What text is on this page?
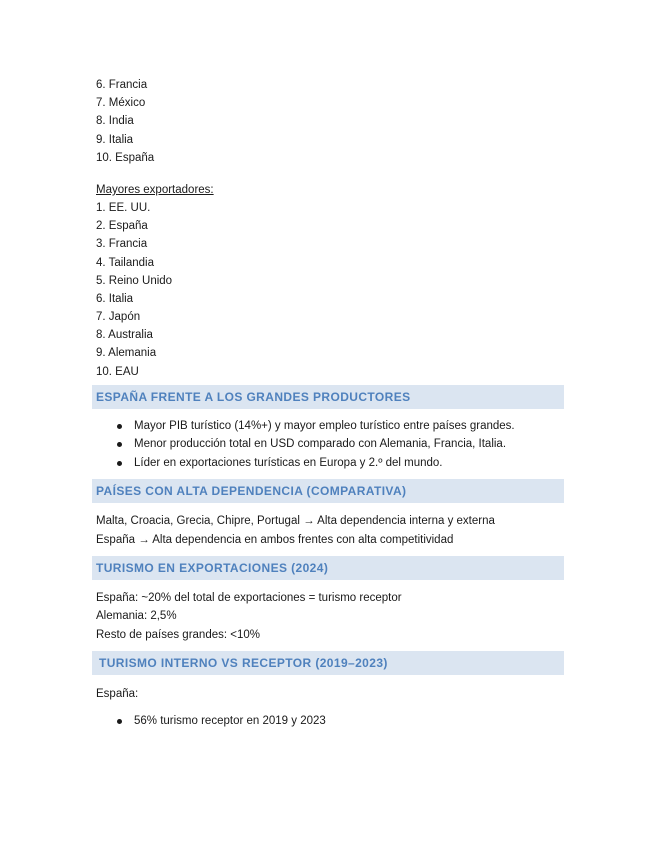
6. Francia
7. México
8. India
9. Italia
10. España
Mayores exportadores:
1. EE. UU.
2. España
3. Francia
4. Tailandia
5. Reino Unido
6. Italia
7. Japón
8. Australia
9. Alemania
10. EAU
ESPAÑA FRENTE A LOS GRANDES PRODUCTORES
Mayor PIB turístico (14%+) y mayor empleo turístico entre países grandes.
Menor producción total en USD comparado con Alemania, Francia, Italia.
Líder en exportaciones turísticas en Europa y 2.º del mundo.
PAÍSES CON ALTA DEPENDENCIA (COMPARATIVA)
Malta, Croacia, Grecia, Chipre, Portugal → Alta dependencia interna y externa
España → Alta dependencia en ambos frentes con alta competitividad
TURISMO EN EXPORTACIONES (2024)
España: ~20% del total de exportaciones = turismo receptor
Alemania: 2,5%
Resto de países grandes: <10%
TURISMO INTERNO VS RECEPTOR (2019–2023)
España:
56% turismo receptor en 2019 y 2023
